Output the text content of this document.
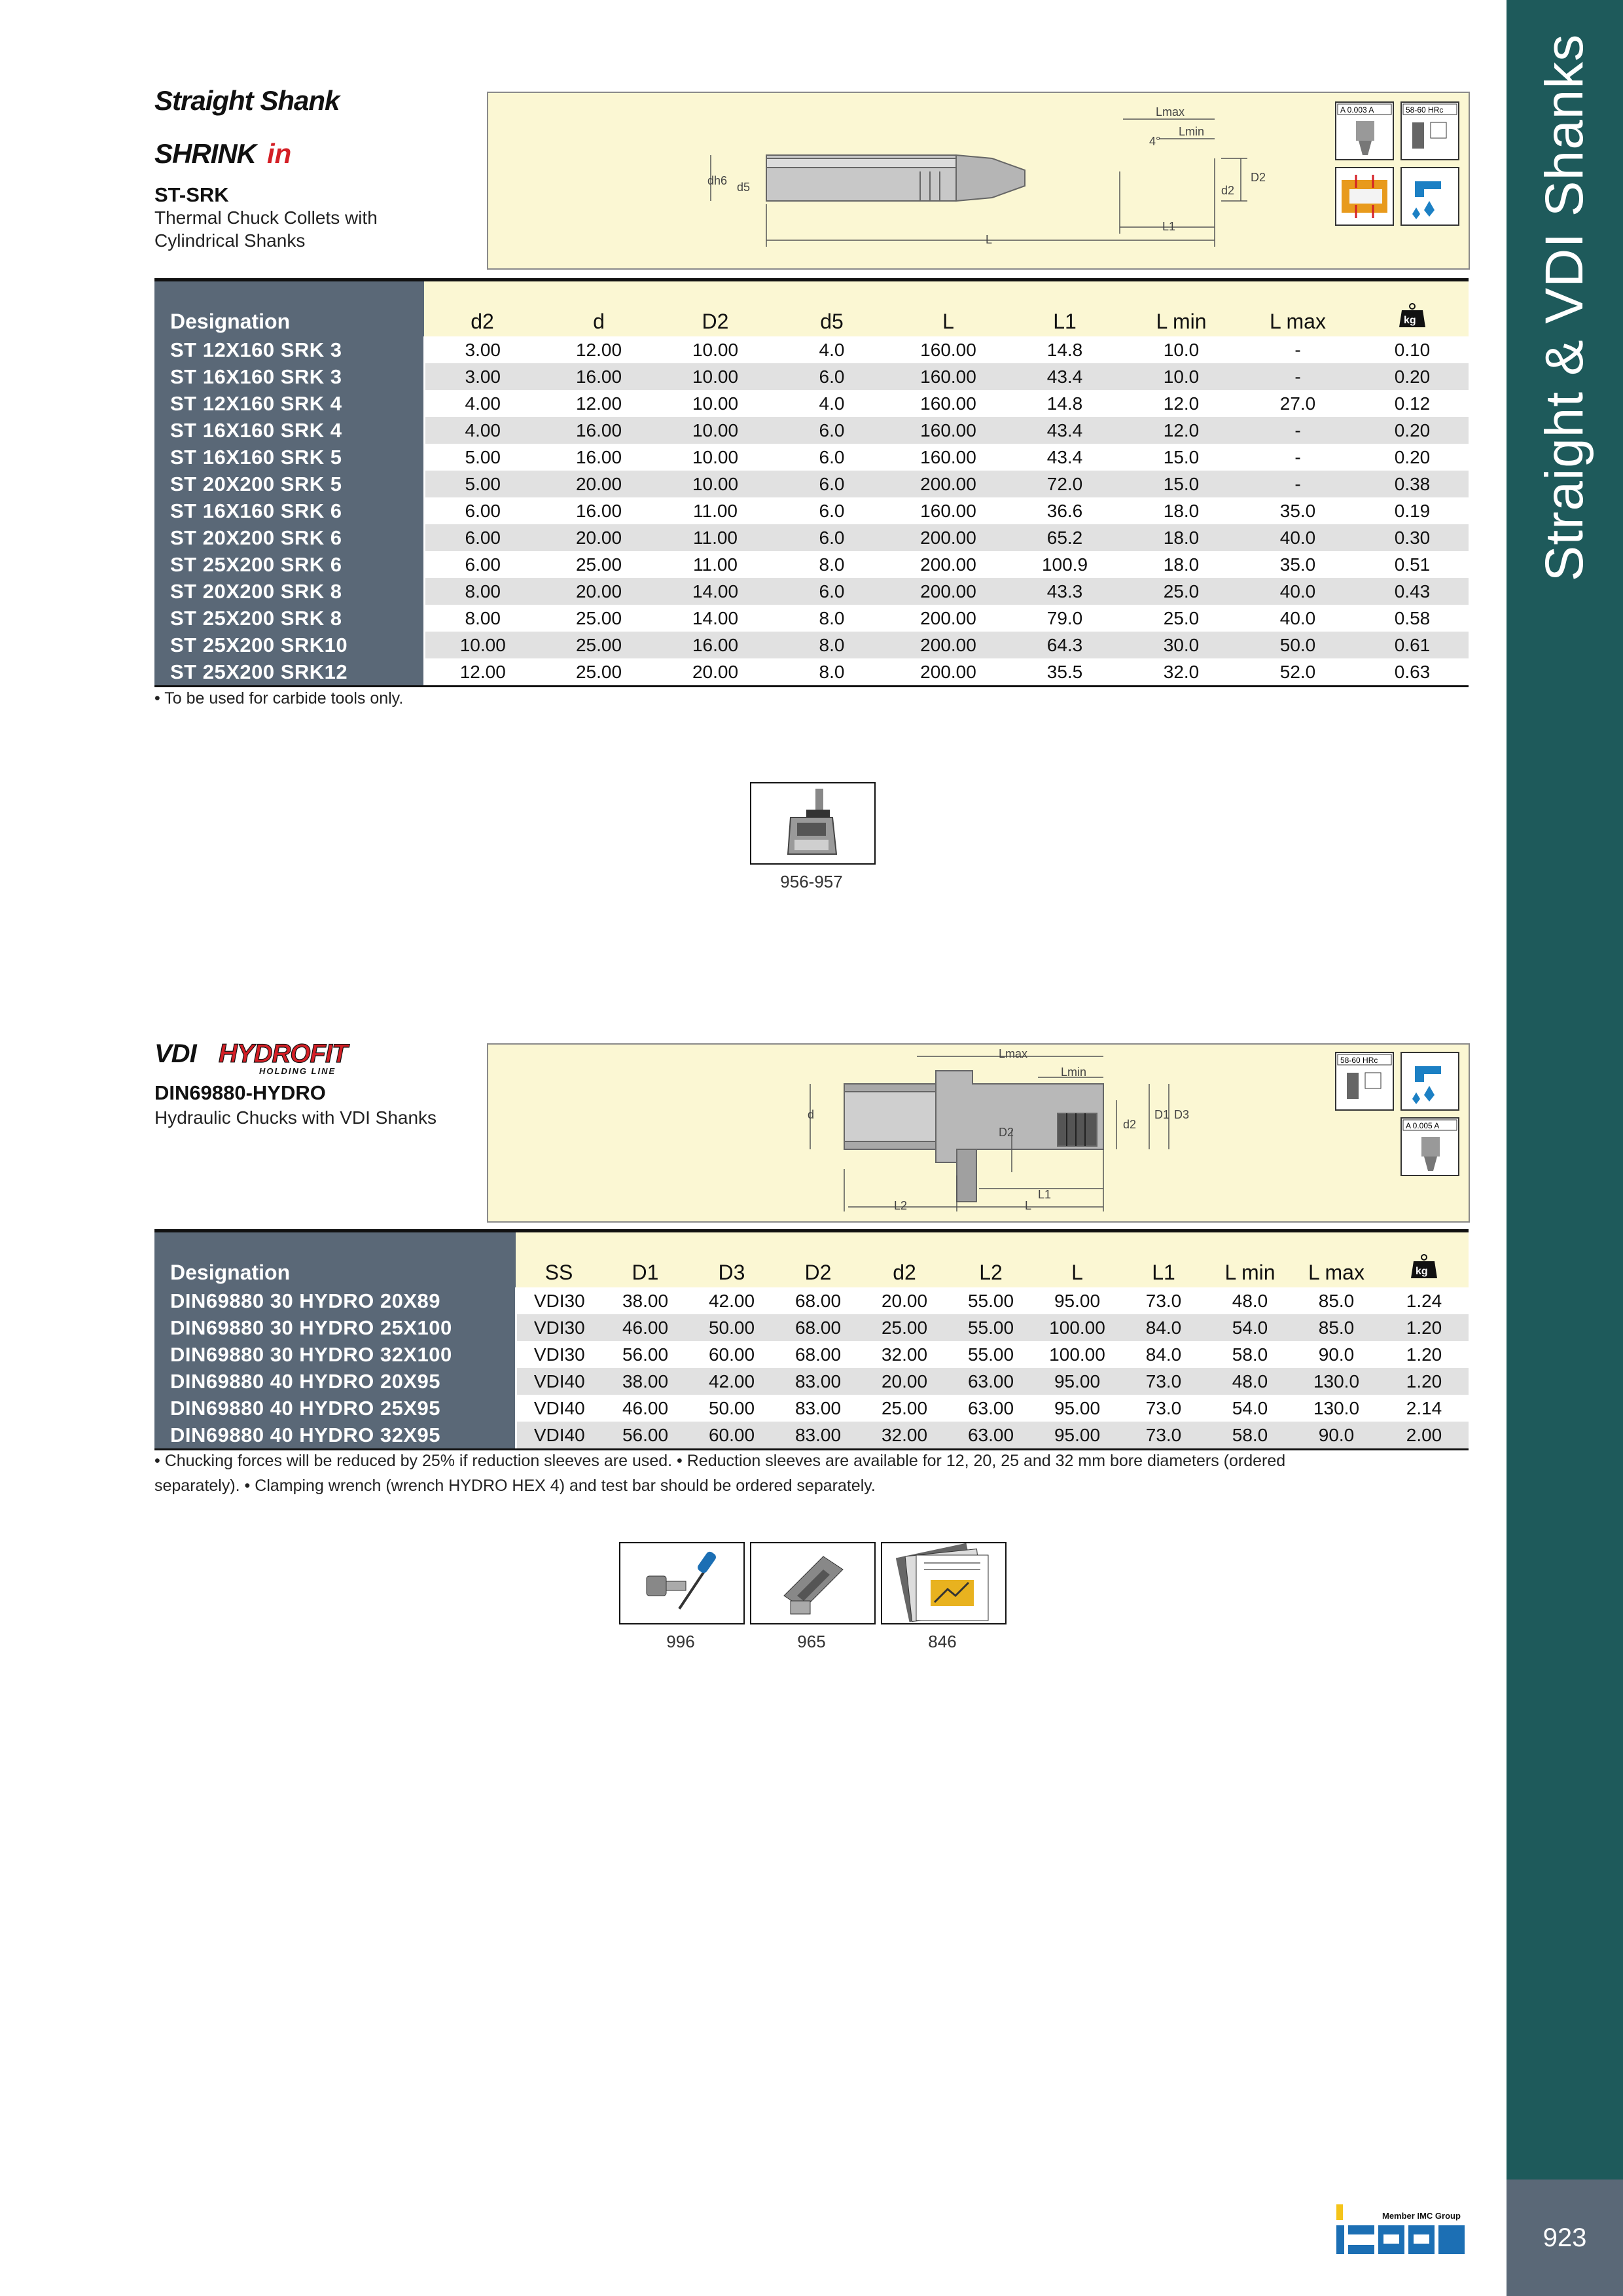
Straight & VDI Shanks
923
Straight Shank
SHRINK in
ST-SRK
Thermal Chuck Collets with
Cylindrical Shanks
Lmax
Lmin
4°
dh6 d5	d2
D2
L
L1
A 0.003 A	58-60 HRc
Designation	d2	d	D2	d5	L	L1	L min	L max	kg

ST 12X160 SRK 3	3.00	12.00	10.00	4.0	160.00	14.8	10.0	-	0.10
ST 16X160 SRK 3	3.00	16.00	10.00	6.0	160.00	43.4	10.0	-	0.20
ST 12X160 SRK 4	4.00	12.00	10.00	4.0	160.00	14.8	12.0	27.0	0.12
ST 16X160 SRK 4	4.00	16.00	10.00	6.0	160.00	43.4	12.0	-	0.20
ST 16X160 SRK 5	5.00	16.00	10.00	6.0	160.00	43.4	15.0	-	0.20
ST 20X200 SRK 5	5.00	20.00	10.00	6.0	200.00	72.0	15.0	-	0.38
ST 16X160 SRK 6	6.00	16.00	11.00	6.0	160.00	36.6	18.0	35.0	0.19
ST 20X200 SRK 6	6.00	20.00	11.00	6.0	200.00	65.2	18.0	40.0	0.30
ST 25X200 SRK 6	6.00	25.00	11.00	8.0	200.00	100.9	18.0	35.0	0.51
ST 20X200 SRK 8	8.00	20.00	14.00	6.0	200.00	43.3	25.0	40.0	0.43
ST 25X200 SRK 8	8.00	25.00	14.00	8.0	200.00	79.0	25.0	40.0	0.58
ST 25X200 SRK10	10.00	25.00	16.00	8.0	200.00	64.3	30.0	50.0	0.61
ST 25X200 SRK12	12.00	25.00	20.00	8.0	200.00	35.5	32.0	52.0	0.63
• To be used for carbide tools only.
956-957
VDI HYDROFIT
HOLDING LINE
DIN69880-HYDRO
Hydraulic Chucks with VDI Shanks
Lmax
Lmin
d
d2
D1 D3
D2
L1
L2	L
58-60 HRc
A 0.005 A
Designation	SS	D1	D3	D2	d2	L2	L	L1	L min	L max	kg

DIN69880 30 HYDRO 20X89	VDI30	38.00	42.00	68.00	20.00	55.00	95.00	73.0	48.0	85.0	1.24
DIN69880 30 HYDRO 25X100	VDI30	46.00	50.00	68.00	25.00	55.00	100.00	84.0	54.0	85.0	1.20
DIN69880 30 HYDRO 32X100	VDI30	56.00	60.00	68.00	32.00	55.00	100.00	84.0	58.0	90.0	1.20
DIN69880 40 HYDRO 20X95	VDI40	38.00	42.00	83.00	20.00	63.00	95.00	73.0	48.0	130.0	1.20
DIN69880 40 HYDRO 25X95	VDI40	46.00	50.00	83.00	25.00	63.00	95.00	73.0	54.0	130.0	2.14
DIN69880 40 HYDRO 32X95	VDI40	56.00	60.00	83.00	32.00	63.00	95.00	73.0	58.0	90.0	2.00
• Chucking forces will be reduced by 25% if reduction sleeves are used. • Reduction sleeves are available for 12, 20, 25 and 32 mm bore diameters (ordered
separately). • Clamping wrench (wrench HYDRO HEX 4) and test bar should be ordered separately.
996	965	846
Member IMC Group
